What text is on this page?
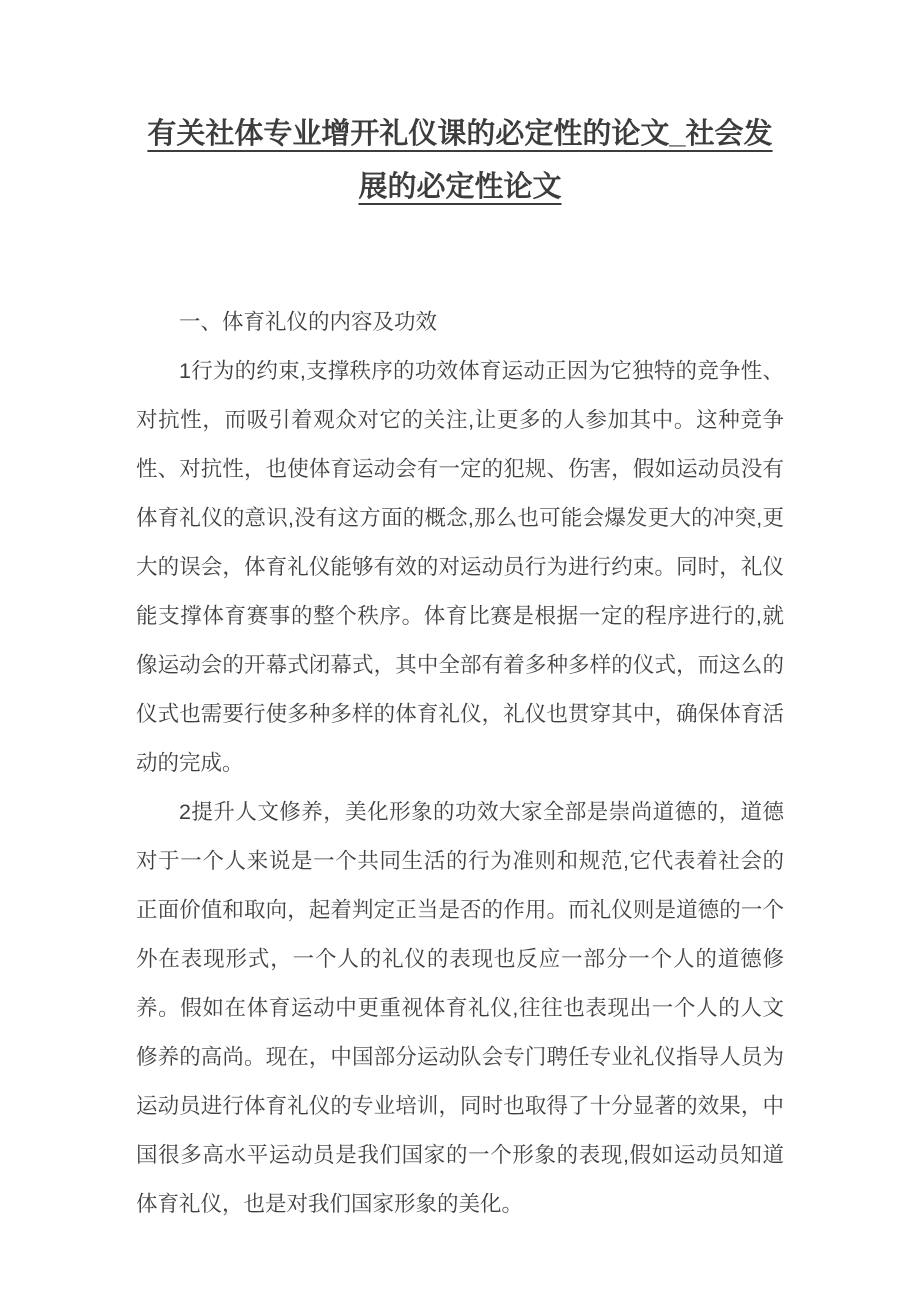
有关社体专业增开礼仪课的必定性的论文_社会发展的必定性论文

一、体育礼仪的内容及功效

1行为的约束,支撑秩序的功效体育运动正因为它独特的竞争性、对抗性，而吸引着观众对它的关注,让更多的人参加其中。这种竞争性、对抗性，也使体育运动会有一定的犯规、伤害，假如运动员没有体育礼仪的意识,没有这方面的概念,那么也可能会爆发更大的冲突,更大的误会，体育礼仪能够有效的对运动员行为进行约束。同时，礼仪能支撑体育赛事的整个秩序。体育比赛是根据一定的程序进行的,就像运动会的开幕式闭幕式，其中全部有着多种多样的仪式，而这么的仪式也需要行使多种多样的体育礼仪，礼仪也贯穿其中，确保体育活动的完成。

2提升人文修养，美化形象的功效大家全部是崇尚道德的，道德对于一个人来说是一个共同生活的行为准则和规范,它代表着社会的正面价值和取向，起着判定正当是否的作用。而礼仪则是道德的一个外在表现形式，一个人的礼仪的表现也反应一部分一个人的道德修养。假如在体育运动中更重视体育礼仪,往往也表现出一个人的人文修养的高尚。现在，中国部分运动队会专门聘任专业礼仪指导人员为运动员进行体育礼仪的专业培训，同时也取得了十分显著的效果，中国很多高水平运动员是我们国家的一个形象的表现,假如运动员知道体育礼仪，也是对我们国家形象的美化。
